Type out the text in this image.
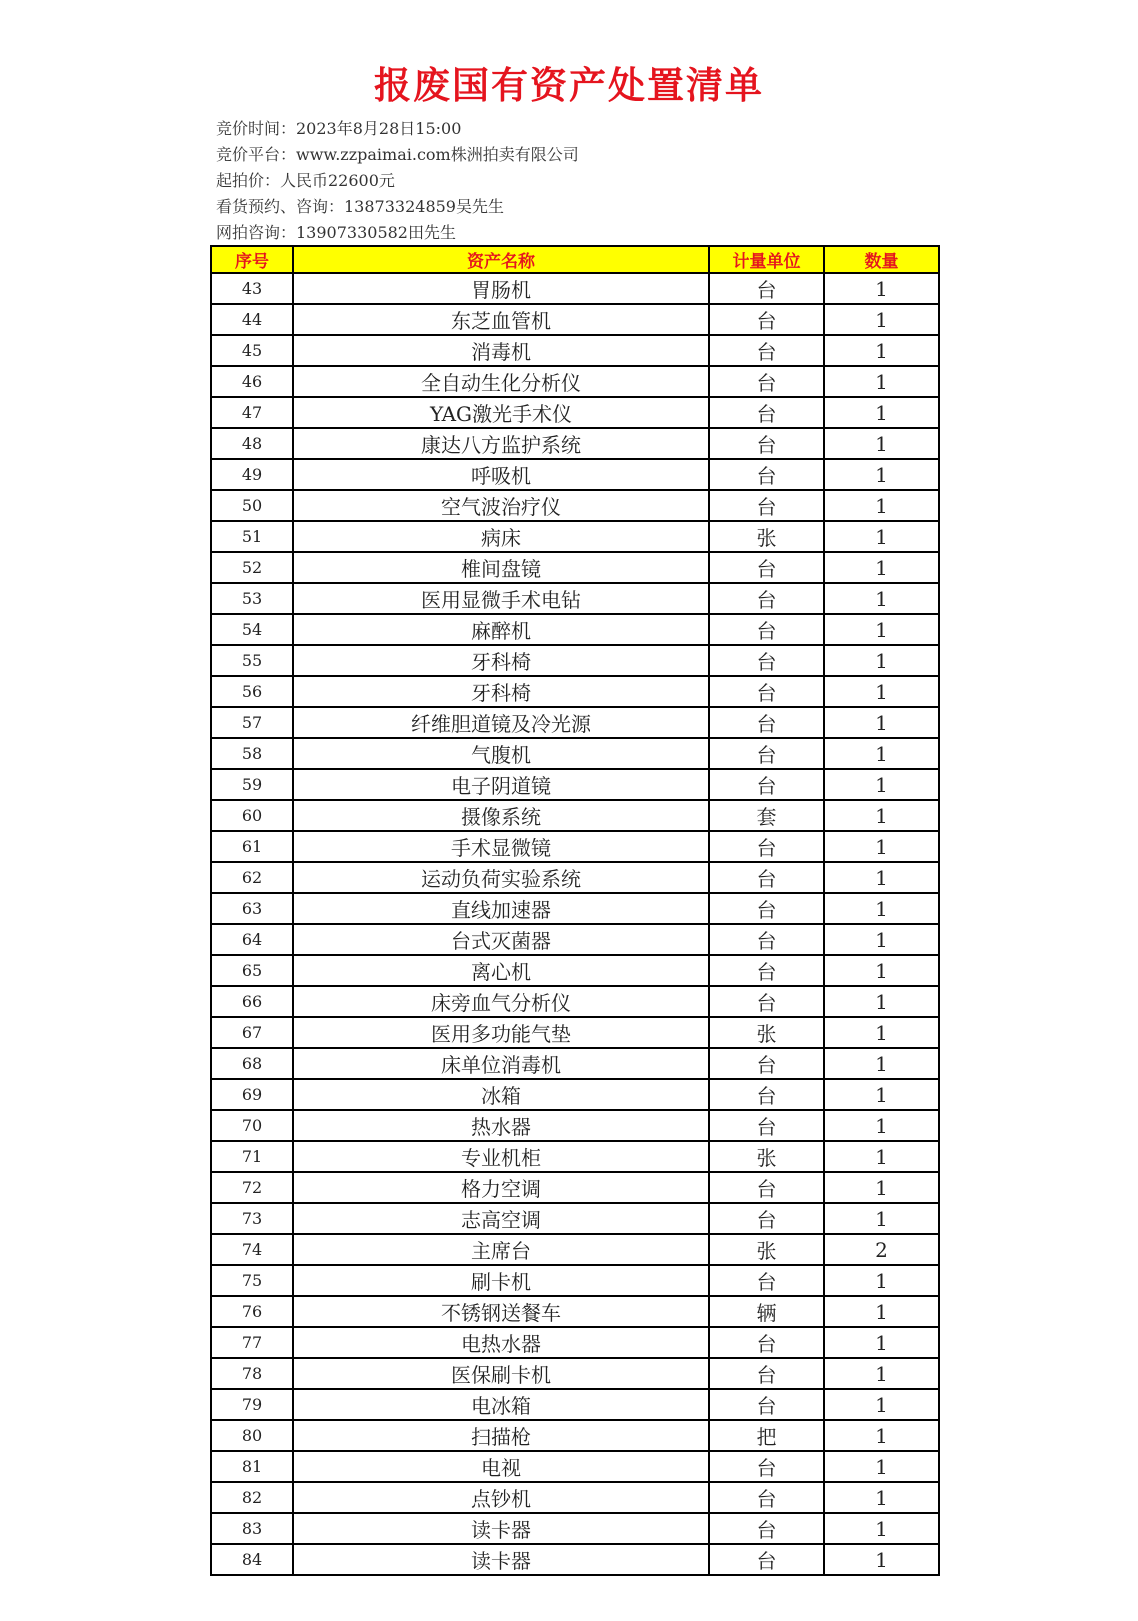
报废国有资产处置清单
竞价时间：2023年8月28日15:00
竞价平台：www.zzpaimai.com株洲拍卖有限公司
起拍价：人民币22600元
看货预约、咨询：13873324859吴先生
网拍咨询：13907330582田先生
序号	资产名称	计量单位	数量
43	胃肠机	台	1
44	东芝血管机	台	1
45	消毒机	台	1
46	全自动生化分析仪	台	1
47	YAG激光手术仪	台	1
48	康达八方监护系统	台	1
49	呼吸机	台	1
50	空气波治疗仪	台	1
51	病床	张	1
52	椎间盘镜	台	1
53	医用显微手术电钻	台	1
54	麻醉机	台	1
55	牙科椅	台	1
56	牙科椅	台	1
57	纤维胆道镜及冷光源	台	1
58	气腹机	台	1
59	电子阴道镜	台	1
60	摄像系统	套	1
61	手术显微镜	台	1
62	运动负荷实验系统	台	1
63	直线加速器	台	1
64	台式灭菌器	台	1
65	离心机	台	1
66	床旁血气分析仪	台	1
67	医用多功能气垫	张	1
68	床单位消毒机	台	1
69	冰箱	台	1
70	热水器	台	1
71	专业机柜	张	1
72	格力空调	台	1
73	志高空调	台	1
74	主席台	张	2
75	刷卡机	台	1
76	不锈钢送餐车	辆	1
77	电热水器	台	1
78	医保刷卡机	台	1
79	电冰箱	台	1
80	扫描枪	把	1
81	电视	台	1
82	点钞机	台	1
83	读卡器	台	1
84	读卡器	台	1
